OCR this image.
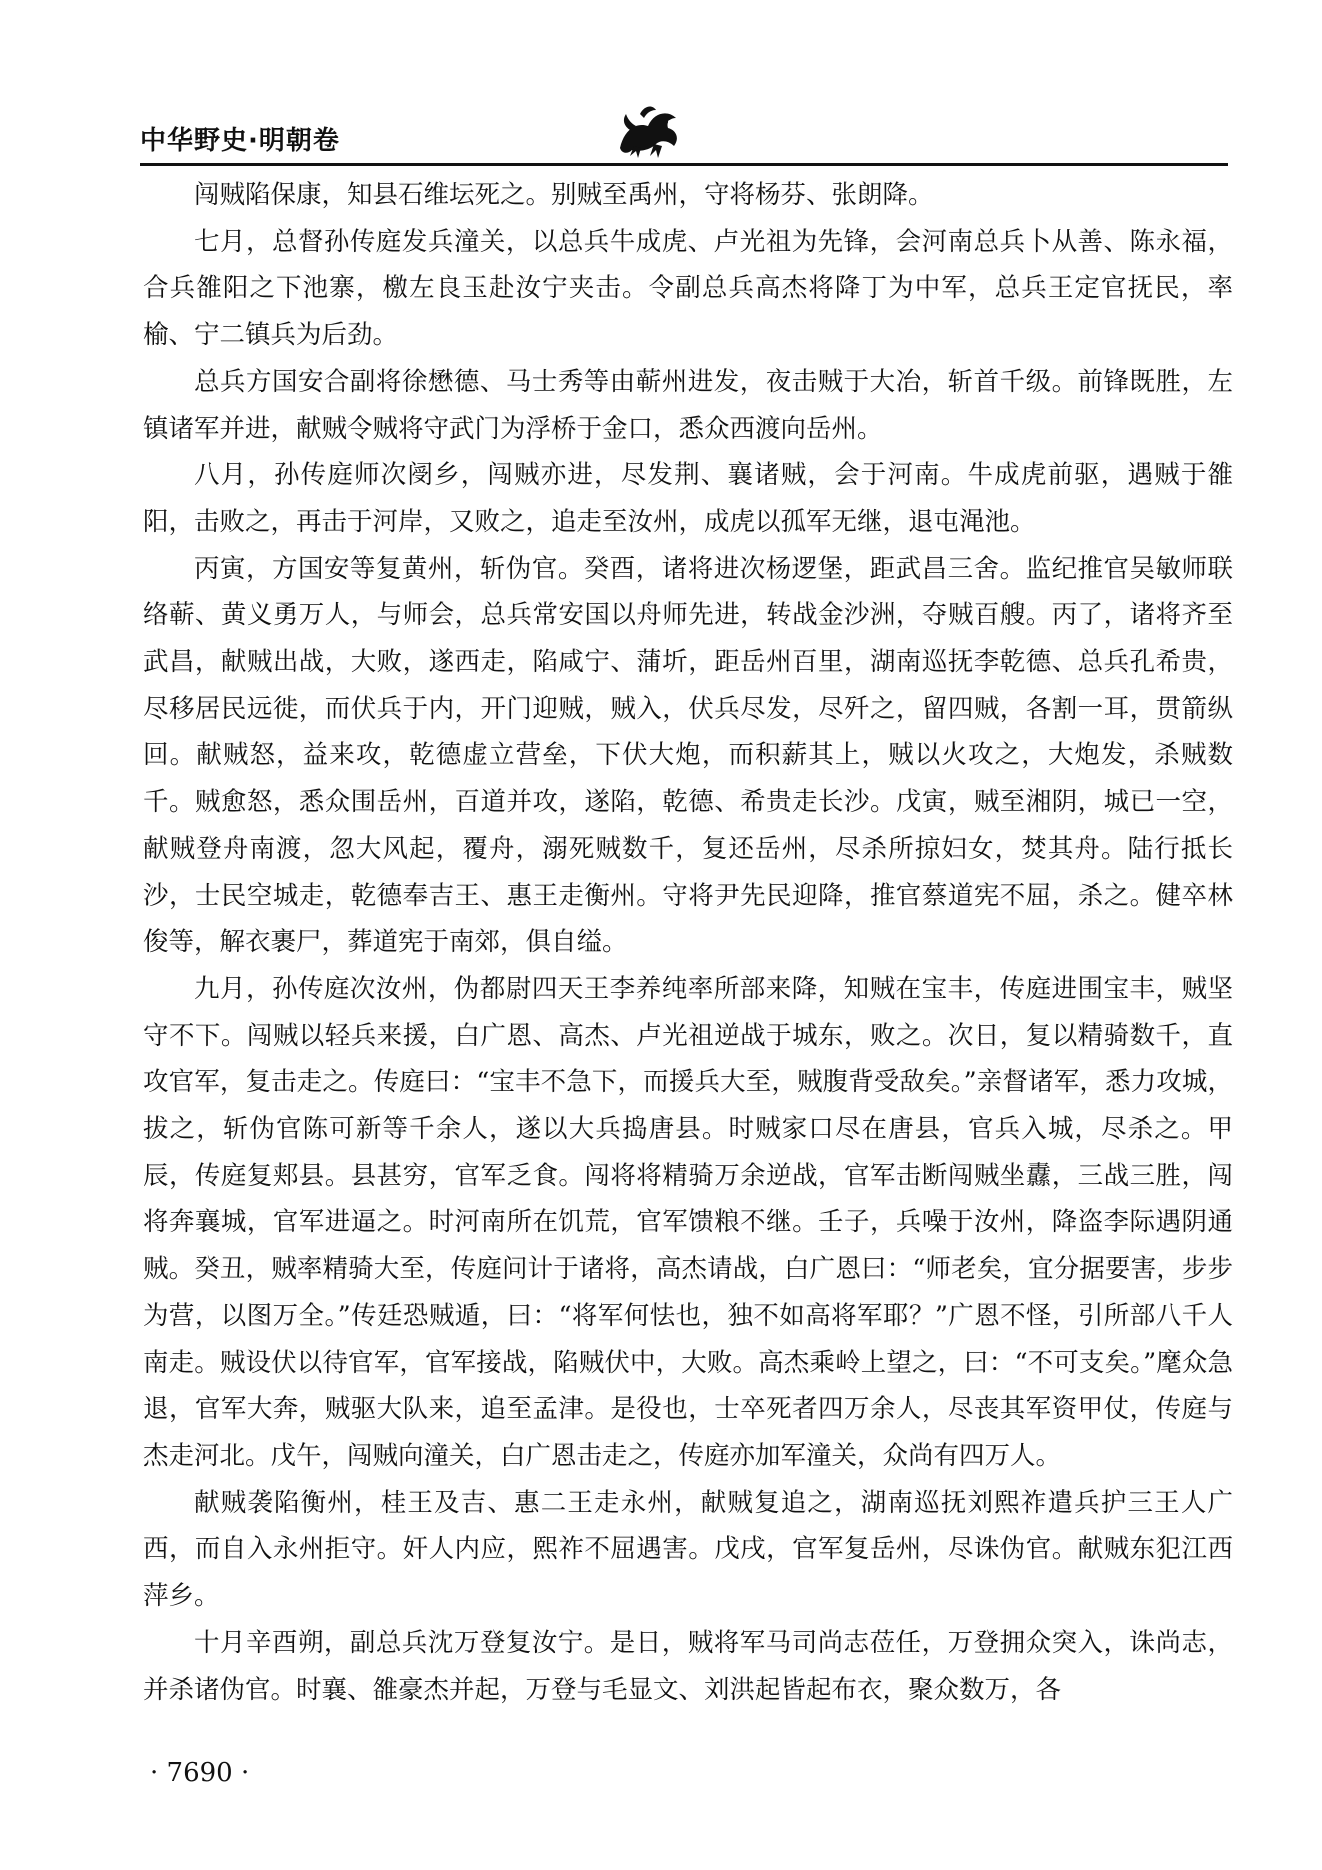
中华野史·明朝卷

闯贼陷保康，知县石维坛死之。别贼至禹州，守将杨芬、张朗降。

七月，总督孙传庭发兵潼关，以总兵牛成虎、卢光祖为先锋，会河南总兵卜从善、陈永福，合兵雒阳之下池寨，檄左良玉赴汝宁夹击。令副总兵高杰将降丁为中军，总兵王定官抚民，率榆、宁二镇兵为后劲。

总兵方国安合副将徐懋德、马士秀等由蕲州进发，夜击贼于大冶，斩首千级。前锋既胜，左镇诸军并进，献贼令贼将守武门为浮桥于金口，悉众西渡向岳州。

八月，孙传庭师次阌乡，闯贼亦进，尽发荆、襄诸贼，会于河南。牛成虎前驱，遇贼于雒阳，击败之，再击于河岸，又败之，追走至汝州，成虎以孤军无继，退屯渑池。

丙寅，方国安等复黄州，斩伪官。癸酉，诸将进次杨逻堡，距武昌三舍。监纪推官吴敏师联络蕲、黄义勇万人，与师会，总兵常安国以舟师先进，转战金沙洲，夺贼百艘。丙了，诸将齐至武昌，献贼出战，大败，遂西走，陷咸宁、蒲圻，距岳州百里，湖南巡抚李乾德、总兵孔希贵，尽移居民远徙，而伏兵于内，开门迎贼，贼入，伏兵尽发，尽歼之，留四贼，各割一耳，贯箭纵回。献贼怒，益来攻，乾德虚立营垒，下伏大炮，而积薪其上，贼以火攻之，大炮发，杀贼数千。贼愈怒，悉众围岳州，百道并攻，遂陷，乾德、希贵走长沙。戊寅，贼至湘阴，城已一空，献贼登舟南渡，忽大风起，覆舟，溺死贼数千，复还岳州，尽杀所掠妇女，焚其舟。陆行抵长沙，士民空城走，乾德奉吉王、惠王走衡州。守将尹先民迎降，推官蔡道宪不屈，杀之。健卒林俊等，解衣裹尸，葬道宪于南郊，俱自缢。

九月，孙传庭次汝州，伪都尉四天王李养纯率所部来降，知贼在宝丰，传庭进围宝丰，贼坚守不下。闯贼以轻兵来援，白广恩、高杰、卢光祖逆战于城东，败之。次日，复以精骑数千，直攻官军，复击走之。传庭曰：“宝丰不急下，而援兵大至，贼腹背受敌矣。”亲督诸军，悉力攻城，拔之，斩伪官陈可新等千余人，遂以大兵捣唐县。时贼家口尽在唐县，官兵入城，尽杀之。甲辰，传庭复郏县。县甚穷，官军乏食。闯将将精骑万余逆战，官军击断闯贼坐纛，三战三胜，闯将奔襄城，官军进逼之。时河南所在饥荒，官军馈粮不继。壬子，兵噪于汝州，降盗李际遇阴通贼。癸丑，贼率精骑大至，传庭问计于诸将，高杰请战，白广恩曰：“师老矣，宜分据要害，步步为营，以图万全。”传廷恐贼遁，曰：“将军何怯也，独不如高将军耶？”广恩不怪，引所部八千人南走。贼设伏以待官军，官军接战，陷贼伏中，大败。高杰乘岭上望之，曰：“不可支矣。”麾众急退，官军大奔，贼驱大队来，追至孟津。是役也，士卒死者四万余人，尽丧其军资甲仗，传庭与杰走河北。戊午，闯贼向潼关，白广恩击走之，传庭亦加军潼关，众尚有四万人。

献贼袭陷衡州，桂王及吉、惠二王走永州，献贼复追之，湖南巡抚刘熙祚遣兵护三王人广西，而自入永州拒守。奸人内应，熙祚不屈遇害。戊戌，官军复岳州，尽诛伪官。献贼东犯江西萍乡。

十月辛酉朔，副总兵沈万登复汝宁。是日，贼将军马司尚志莅任，万登拥众突入，诛尚志，并杀诸伪官。时襄、雒豪杰并起，万登与毛显文、刘洪起皆起布衣，聚众数万，各

· 7690 ·
